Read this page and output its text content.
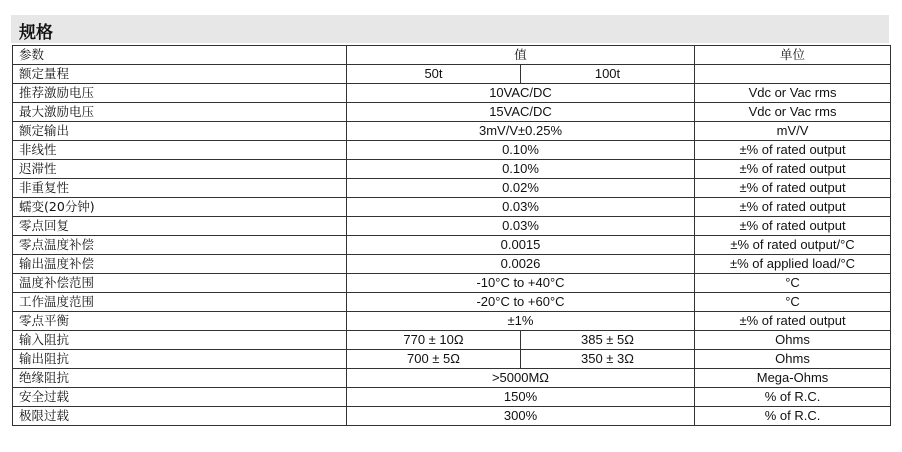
规格
参数	值		单位
额定量程	50t	100t	
推荐激励电压	10VAC/DC		Vdc or Vac rms
最大激励电压	15VAC/DC		Vdc or Vac rms
额定输出	3mV/V±0.25%		mV/V
非线性	0.10%		±% of rated output
迟滞性	0.10%		±% of rated output
非重复性	0.02%		±% of rated output
蠕变(20分钟)	0.03%		±% of rated output
零点回复	0.03%		±% of rated output
零点温度补偿	0.0015		±% of rated output/°C
输出温度补偿	0.0026		±% of applied load/°C
温度补偿范围	-10°C to +40°C		°C
工作温度范围	-20°C to +60°C		°C
零点平衡	±1%		±% of rated output
输入阻抗	770 ± 10Ω	385 ± 5Ω	Ohms
输出阻抗	700 ± 5Ω	350 ± 3Ω	Ohms
绝缘阻抗	>5000MΩ		Mega-Ohms
安全过载	150%		% of R.C.
极限过载	300%		% of R.C.
